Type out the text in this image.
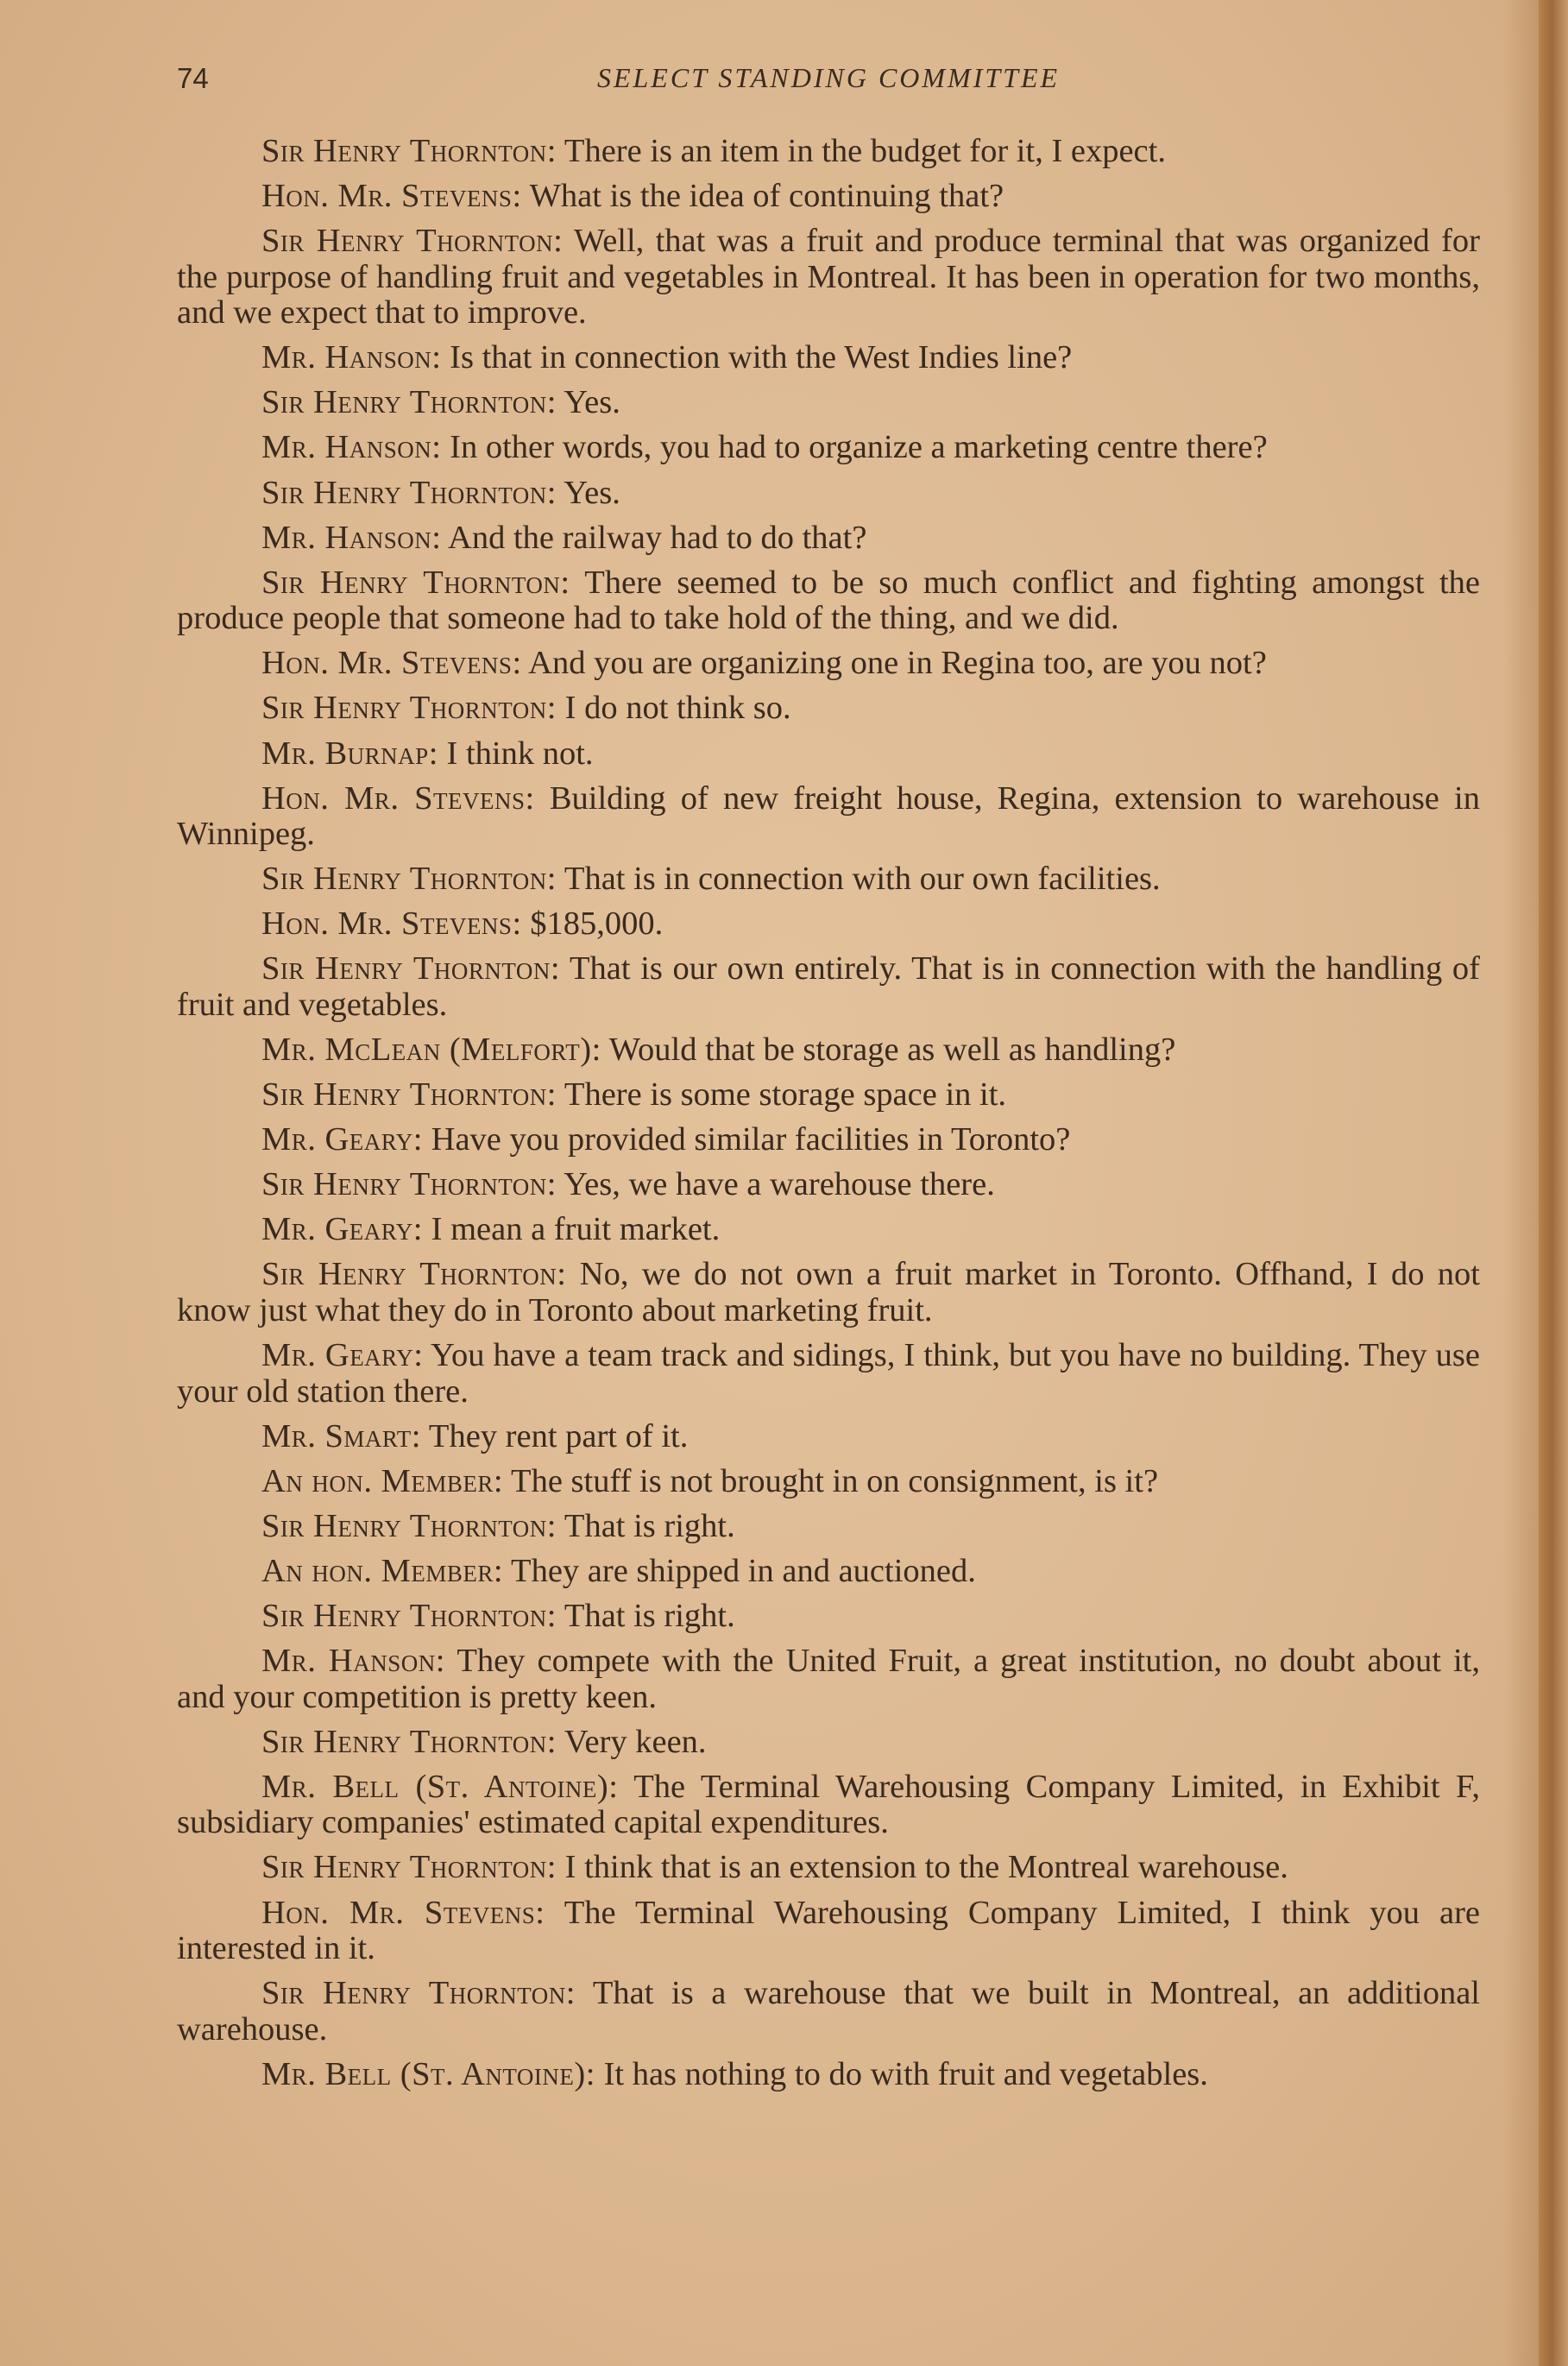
74	SELECT STANDING COMMITTEE

Sir Henry Thornton: There is an item in the budget for it, I expect.

Hon. Mr. Stevens: What is the idea of continuing that?

Sir Henry Thornton: Well, that was a fruit and produce terminal that was organized for the purpose of handling fruit and vegetables in Montreal. It has been in operation for two months, and we expect that to improve.

Mr. Hanson: Is that in connection with the West Indies line?

Sir Henry Thornton: Yes.

Mr. Hanson: In other words, you had to organize a marketing centre there?

Sir Henry Thornton: Yes.

Mr. Hanson: And the railway had to do that?

Sir Henry Thornton: There seemed to be so much conflict and fighting amongst the produce people that someone had to take hold of the thing, and we did.

Hon. Mr. Stevens: And you are organizing one in Regina too, are you not?

Sir Henry Thornton: I do not think so.

Mr. Burnap: I think not.

Hon. Mr. Stevens: Building of new freight house, Regina, extension to warehouse in Winnipeg.

Sir Henry Thornton: That is in connection with our own facilities.

Hon. Mr. Stevens: $185,000.

Sir Henry Thornton: That is our own entirely. That is in connection with the handling of fruit and vegetables.

Mr. McLean (Melfort): Would that be storage as well as handling?

Sir Henry Thornton: There is some storage space in it.

Mr. Geary: Have you provided similar facilities in Toronto?

Sir Henry Thornton: Yes, we have a warehouse there.

Mr. Geary: I mean a fruit market.

Sir Henry Thornton: No, we do not own a fruit market in Toronto. Offhand, I do not know just what they do in Toronto about marketing fruit.

Mr. Geary: You have a team track and sidings, I think, but you have no building. They use your old station there.

Mr. Smart: They rent part of it.

An hon. Member: The stuff is not brought in on consignment, is it?

Sir Henry Thornton: That is right.

An hon. Member: They are shipped in and auctioned.

Sir Henry Thornton: That is right.

Mr. Hanson: They compete with the United Fruit, a great institution, no doubt about it, and your competition is pretty keen.

Sir Henry Thornton: Very keen.

Mr. Bell (St. Antoine): The Terminal Warehousing Company Limited, in Exhibit F, subsidiary companies' estimated capital expenditures.

Sir Henry Thornton: I think that is an extension to the Montreal warehouse.

Hon. Mr. Stevens: The Terminal Warehousing Company Limited, I think you are interested in it.

Sir Henry Thornton: That is a warehouse that we built in Montreal, an additional warehouse.

Mr. Bell (St. Antoine): It has nothing to do with fruit and vegetables.
